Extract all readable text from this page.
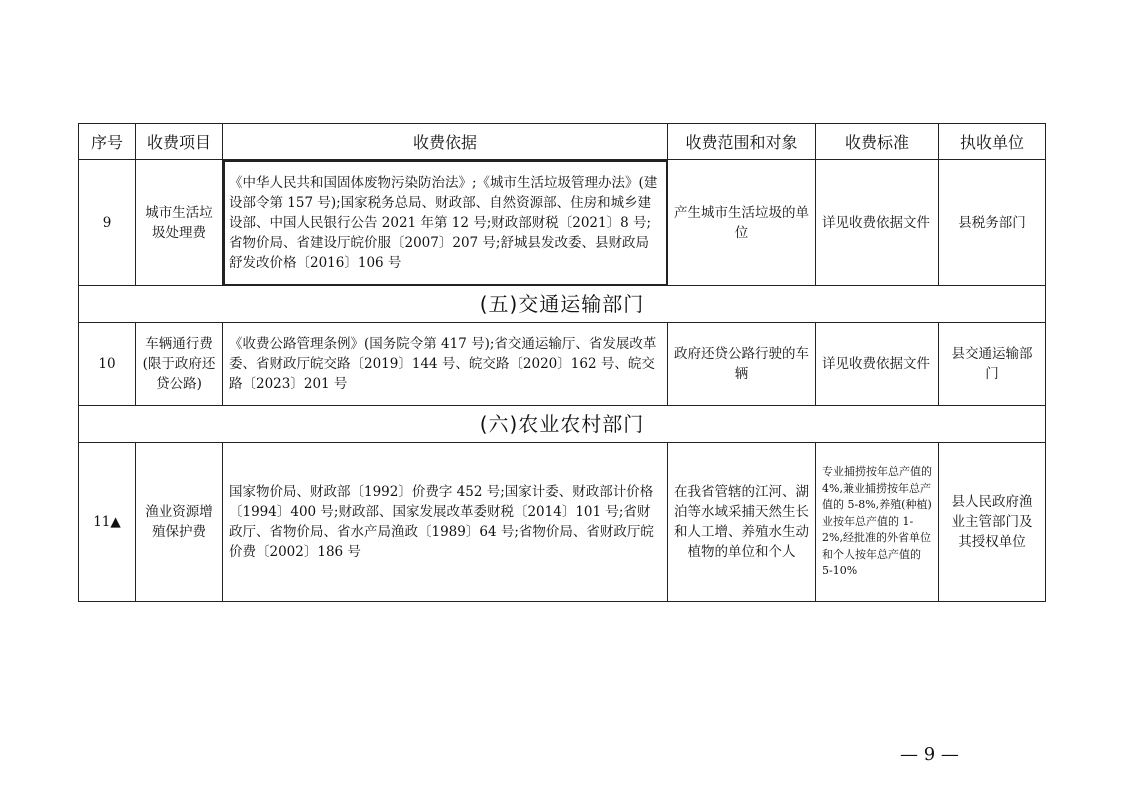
序号	收费项目	收费依据	收费范围和对象	收费标准	执收单位
9	城市生活垃圾处理费	《中华人民共和国固体废物污染防治法》;《城市生活垃圾管理办法》(建设部令第 157 号);国家税务总局、财政部、自然资源部、住房和城乡建设部、中国人民银行公告 2021 年第 12 号;财政部财税〔2021〕8 号;省物价局、省建设厅皖价服〔2007〕207 号;舒城县发改委、县财政局舒发改价格〔2016〕106 号	产生城市生活垃圾的单位	详见收费依据文件	县税务部门
(五)交通运输部门					
10	车辆通行费(限于政府还贷公路)	《收费公路管理条例》(国务院令第 417 号);省交通运输厅、省发展改革委、省财政厅皖交路〔2019〕144 号、皖交路〔2020〕162 号、皖交路〔2023〕201 号	政府还贷公路行驶的车辆	详见收费依据文件	县交通运输部门
(六)农业农村部门					
11▲	渔业资源增殖保护费	国家物价局、财政部〔1992〕价费字 452 号;国家计委、财政部计价格〔1994〕400 号;财政部、国家发展改革委财税〔2014〕101 号;省财政厅、省物价局、省水产局渔政〔1989〕64 号;省物价局、省财政厅皖价费〔2002〕186 号	在我省管辖的江河、湖泊等水域采捕天然生长和人工增、养殖水生动植物的单位和个人	专业捕捞按年总产值的 4%,兼业捕捞按年总产值的 5-8%,养殖(种植)业按年总产值的 1-2%,经批准的外省单位和个人按年总产值的 5-10%	县人民政府渔业主管部门及其授权单位
— 9 —
